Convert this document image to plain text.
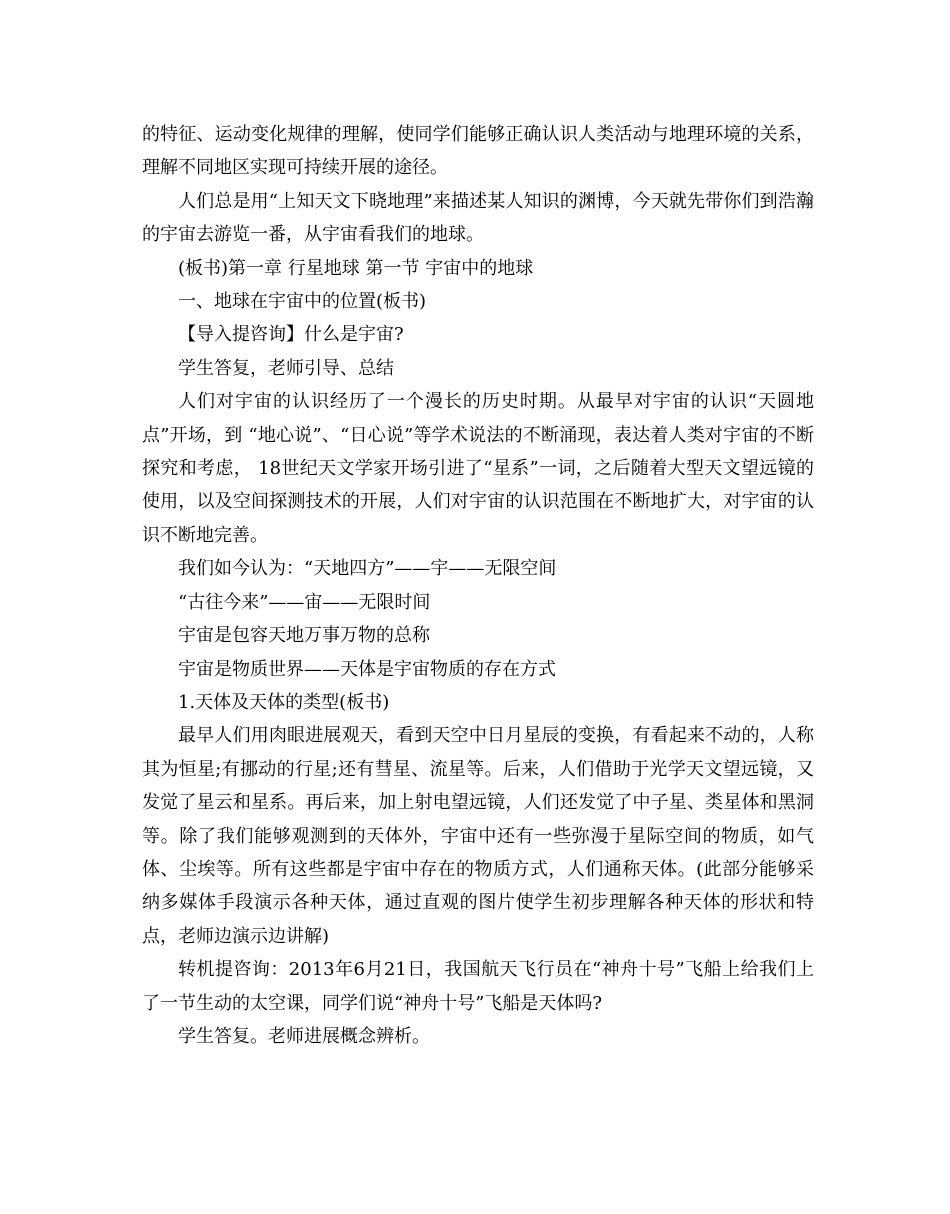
的特征、运动变化规律的理解，使同学们能够正确认识人类活动与地理环境的关系，理解不同地区实现可持续开展的途径。

人们总是用“上知天文下晓地理”来描述某人知识的渊博，今天就先带你们到浩瀚的宇宙去游览一番，从宇宙看我们的地球。

(板书)第一章 行星地球 第一节 宇宙中的地球

一、地球在宇宙中的位置(板书)

【导入提咨询】什么是宇宙?

学生答复，老师引导、总结

人们对宇宙的认识经历了一个漫长的历史时期。从最早对宇宙的认识“天圆地点”开场，到 “地心说”、“日心说”等学术说法的不断涌现，表达着人类对宇宙的不断探究和考虑， 18世纪天文学家开场引进了“星系”一词，之后随着大型天文望远镜的使用，以及空间探测技术的开展，人们对宇宙的认识范围在不断地扩大，对宇宙的认识不断地完善。

我们如今认为：“天地四方”——宇——无限空间

“古往今来”——宙——无限时间

宇宙是包容天地万事万物的总称

宇宙是物质世界——天体是宇宙物质的存在方式

1.天体及天体的类型(板书)

最早人们用肉眼进展观天，看到天空中日月星辰的变换，有看起来不动的，人称其为恒星;有挪动的行星;还有彗星、流星等。后来，人们借助于光学天文望远镜，又发觉了星云和星系。再后来，加上射电望远镜，人们还发觉了中子星、类星体和黑洞等。除了我们能够观测到的天体外，宇宙中还有一些弥漫于星际空间的物质，如气体、尘埃等。所有这些都是宇宙中存在的物质方式，人们通称天体。(此部分能够采纳多媒体手段演示各种天体，通过直观的图片使学生初步理解各种天体的形状和特点，老师边演示边讲解)

转机提咨询：2013年6月21日，我国航天飞行员在“神舟十号”飞船上给我们上了一节生动的太空课，同学们说“神舟十号”飞船是天体吗?

学生答复。老师进展概念辨析。
